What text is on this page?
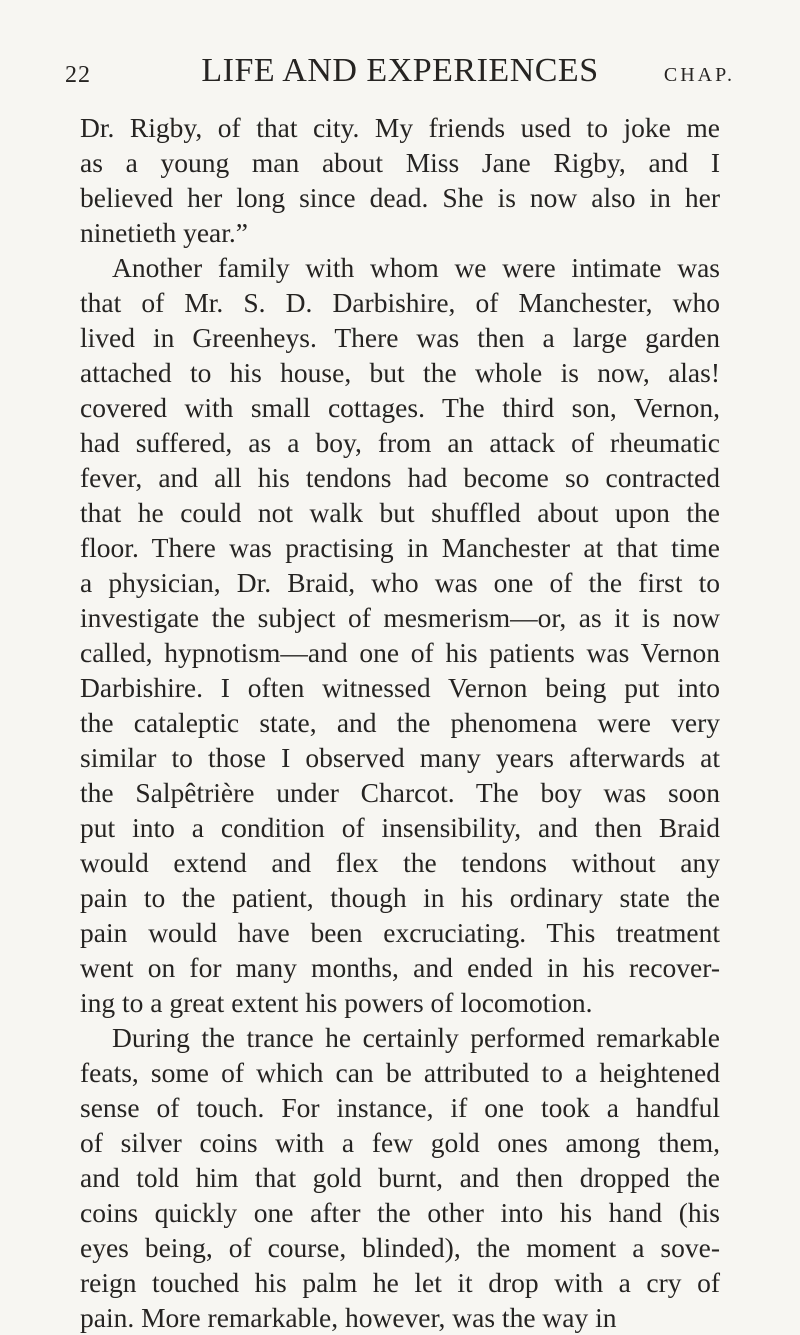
22	LIFE AND EXPERIENCES	CHAP.
Dr. Rigby, of that city. My friends used to joke me
as a young man about Miss Jane Rigby, and I
believed her long since dead. She is now also in her
ninetieth year.”
Another family with whom we were intimate was
that of Mr. S. D. Darbishire, of Manchester, who
lived in Greenheys. There was then a large garden
attached to his house, but the whole is now, alas!
covered with small cottages. The third son, Vernon,
had suffered, as a boy, from an attack of rheumatic
fever, and all his tendons had become so contracted
that he could not walk but shuffled about upon the
floor. There was practising in Manchester at that time
a physician, Dr. Braid, who was one of the first to
investigate the subject of mesmerism—or, as it is now
called, hypnotism—and one of his patients was Vernon
Darbishire. I often witnessed Vernon being put into
the cataleptic state, and the phenomena were very
similar to those I observed many years afterwards at
the Salpêtrière under Charcot. The boy was soon
put into a condition of insensibility, and then Braid
would extend and flex the tendons without any
pain to the patient, though in his ordinary state the
pain would have been excruciating. This treatment
went on for many months, and ended in his recover-
ing to a great extent his powers of locomotion.
During the trance he certainly performed remarkable
feats, some of which can be attributed to a heightened
sense of touch. For instance, if one took a handful
of silver coins with a few gold ones among them,
and told him that gold burnt, and then dropped the
coins quickly one after the other into his hand (his
eyes being, of course, blinded), the moment a sove-
reign touched his palm he let it drop with a cry of
pain. More remarkable, however, was the way in
